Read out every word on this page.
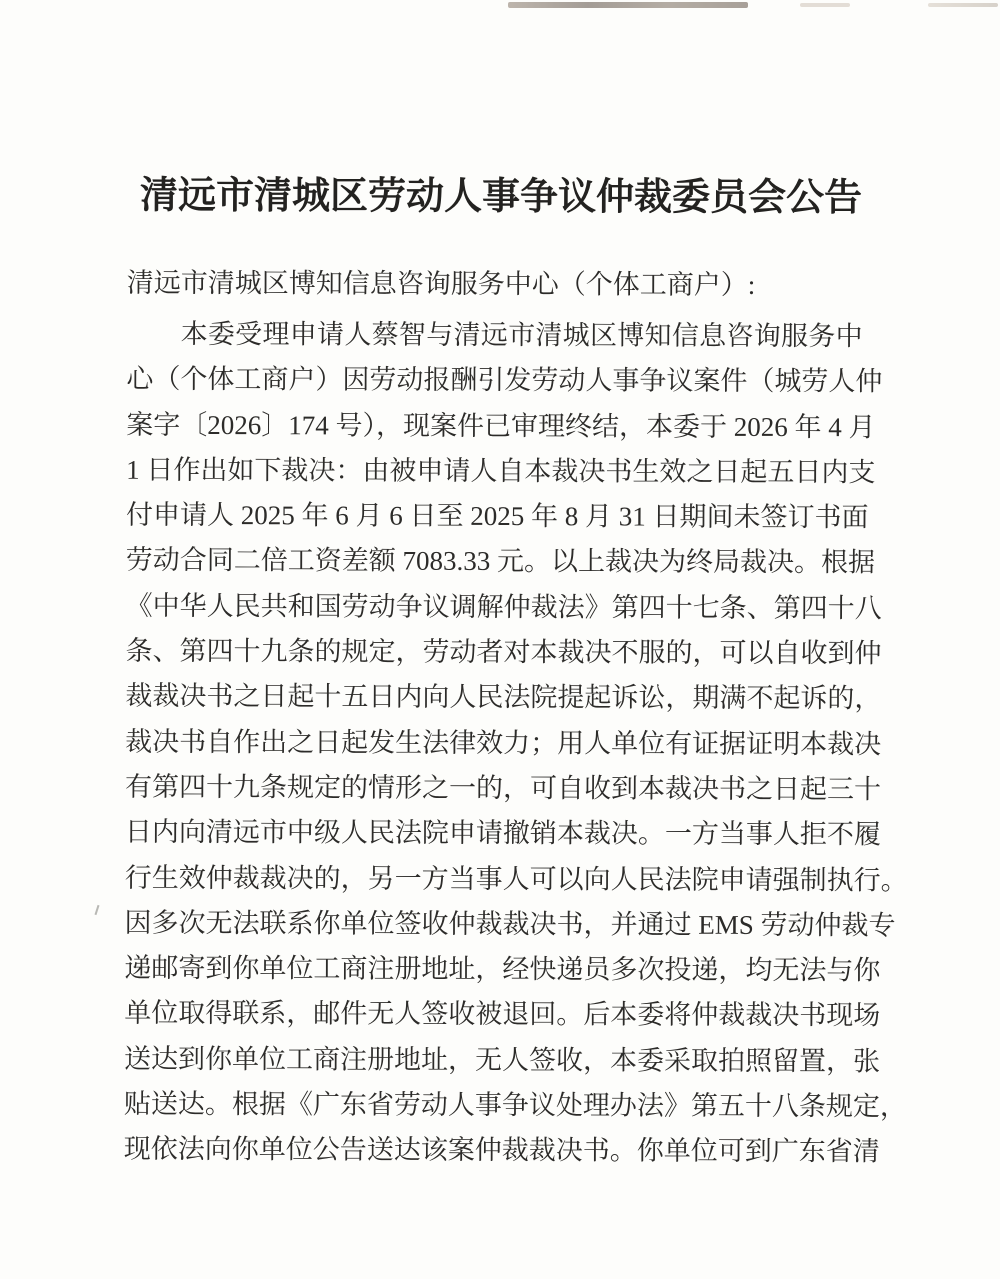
清远市清城区劳动人事争议仲裁委员会公告
清远市清城区博知信息咨询服务中心（个体工商户）:
本委受理申请人蔡智与清远市清城区博知信息咨询服务中
心（个体工商户）因劳动报酬引发劳动人事争议案件（城劳人仲
案字〔2026〕174 号），现案件已审理终结，本委于 2026 年 4 月
1 日作出如下裁决：由被申请人自本裁决书生效之日起五日内支
付申请人 2025 年 6 月 6 日至 2025 年 8 月 31 日期间未签订书面
劳动合同二倍工资差额 7083.33 元。以上裁决为终局裁决。根据
《中华人民共和国劳动争议调解仲裁法》第四十七条、第四十八
条、第四十九条的规定，劳动者对本裁决不服的，可以自收到仲
裁裁决书之日起十五日内向人民法院提起诉讼，期满不起诉的，
裁决书自作出之日起发生法律效力；用人单位有证据证明本裁决
有第四十九条规定的情形之一的，可自收到本裁决书之日起三十
日内向清远市中级人民法院申请撤销本裁决。一方当事人拒不履
行生效仲裁裁决的，另一方当事人可以向人民法院申请强制执行。
因多次无法联系你单位签收仲裁裁决书，并通过 EMS 劳动仲裁专
递邮寄到你单位工商注册地址，经快递员多次投递，均无法与你
单位取得联系，邮件无人签收被退回。后本委将仲裁裁决书现场
送达到你单位工商注册地址，无人签收，本委采取拍照留置，张
贴送达。根据《广东省劳动人事争议处理办法》第五十八条规定，
现依法向你单位公告送达该案仲裁裁决书。你单位可到广东省清
